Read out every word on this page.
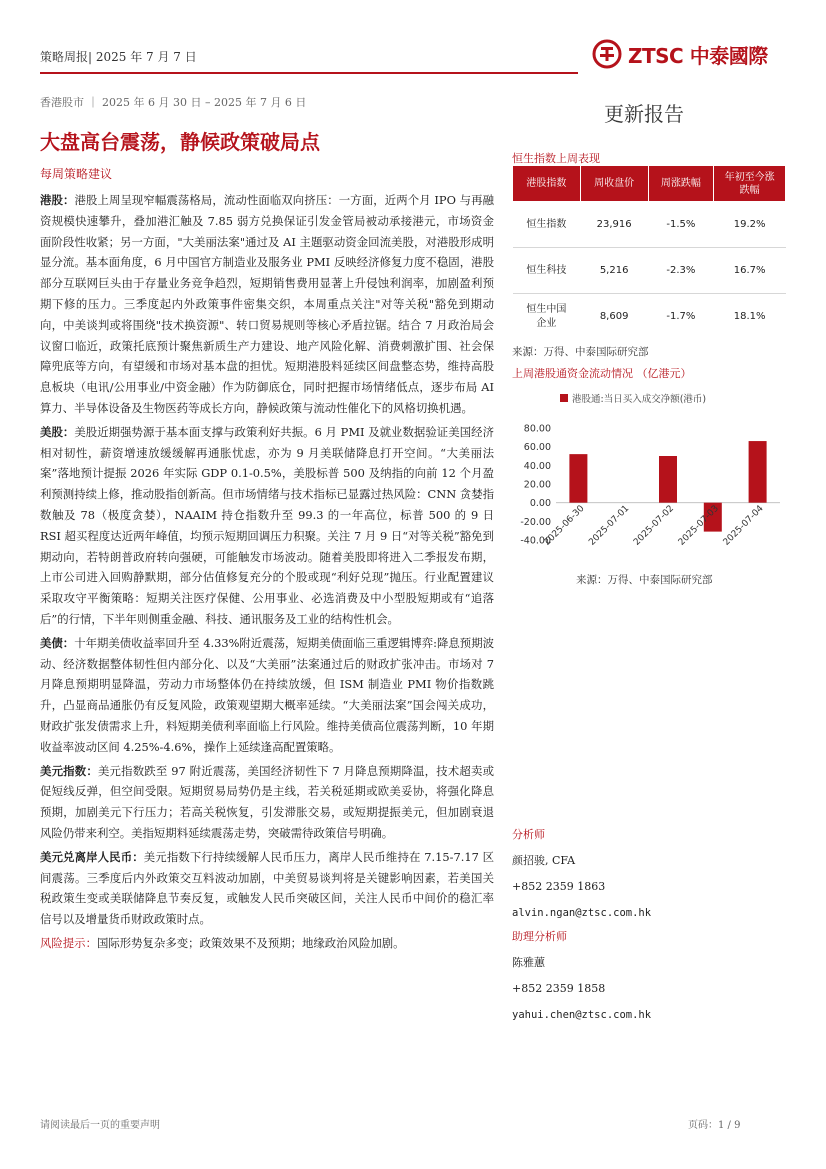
策略周报| 2025 年 7 月 7 日	ZTSC 中泰國際
香港股市 ｜ 2025 年 6 月 30 日 – 2025 年 7 月 6 日	更新报告
大盘高台震荡，静候政策破局点
每周策略建议

港股：港股上周呈现窄幅震荡格局，流动性面临双向挤压：一方面，近两个月 IPO 与再融资规模快速攀升，叠加港汇触及 7.85 弱方兑换保证引发金管局被动承接港元，市场资金面阶段性收紧；另一方面，"大美丽法案"通过及 AI 主题驱动资金回流美股，对港股形成明显分流。基本面角度，6 月中国官方制造业及服务业 PMI 反映经济修复力度不稳固，港股部分互联网巨头由于存量业务竞争趋烈，短期销售费用显著上升侵蚀利润率，加剧盈利预期下修的压力。三季度起内外政策事件密集交织，本周重点关注"对等关税"豁免到期动向，中美谈判或将围绕"技术换资源"、转口贸易规则等核心矛盾拉锯。结合 7 月政治局会议窗口临近，政策托底预计聚焦新质生产力建设、地产风险化解、消费刺激扩围、社会保障兜底等方向，有望缓和市场对基本盘的担忧。短期港股料延续区间盘整态势，维持高股息板块（电讯/公用事业/中资金融）作为防御底仓，同时把握市场情绪低点，逐步布局 AI 算力、半导体设备及生物医药等成长方向，静候政策与流动性催化下的风格切换机遇。

美股：美股近期强势源于基本面支撑与政策利好共振。6 月 PMI 及就业数据验证美国经济相对韧性，薪资增速放缓缓解再通胀忧虑，亦为 9 月美联储降息打开空间。“大美丽法案”落地预计提振 2026 年实际 GDP 0.1-0.5%，美股标普 500 及纳指的向前 12 个月盈利预测持续上修，推动股指创新高。但市场情绪与技术指标已显露过热风险：CNN 贪婪指数触及 78（极度贪婪），NAAIM 持仓指数升至 99.3 的一年高位，标普 500 的 9 日 RSI 超买程度达近两年峰值，均预示短期回调压力积聚。关注 7 月 9 日“对等关税”豁免到期动向，若特朗普政府转向强硬，可能触发市场波动。随着美股即将进入二季报发布期，上市公司进入回购静默期，部分估值修复充分的个股或现“利好兑现”抛压。行业配置建议采取攻守平衡策略：短期关注医疗保健、公用事业、必选消费及中小型股短期或有“追落后”的行情，下半年则侧重金融、科技、通讯服务及工业的结构性机会。

美债：十年期美债收益率回升至 4.33%附近震荡，短期美债面临三重逻辑博弈:降息预期波动、经济数据整体韧性但内部分化、以及“大美丽”法案通过后的财政扩张冲击。市场对 7 月降息预期明显降温，劳动力市场整体仍在持续放缓，但 ISM 制造业 PMI 物价指数跳升，凸显商品通胀仍有反复风险，政策观望期大概率延续。“大美丽法案”国会闯关成功，财政扩张发债需求上升，料短期美债利率面临上行风险。维持美债高位震荡判断，10 年期收益率波动区间 4.25%-4.6%，操作上延续逢高配置策略。

美元指数：美元指数跌至 97 附近震荡，美国经济韧性下 7 月降息预期降温，技术超卖或促短线反弹，但空间受限。短期贸易局势仍是主线，若关税延期或欧美妥协，将强化降息预期，加剧美元下行压力；若高关税恢复，引发滞胀交易，或短期提振美元，但加剧衰退风险仍带来利空。美指短期料延续震荡走势，突破需待政策信号明确。

美元兑离岸人民币：美元指数下行持续缓解人民币压力，离岸人民币维持在 7.15-7.17 区间震荡。三季度后内外政策交互料波动加剧，中美贸易谈判将是关键影响因素，若美国关税政策生变或美联储降息节奏反复，或触发人民币突破区间，关注人民币中间价的稳汇率信号以及增量货币财政政策时点。

风险提示：国际形势复杂多变；政策效果不及预期；地缘政治风险加剧。

恒生指数上周表现
港股指数	周收盘价	周涨跌幅	年初至今涨跌幅
恒生指数	23,916	-1.5%	19.2%
恒生科技	5,216	-2.3%	16.7%
恒生中国企业	8,609	-1.7%	18.1%
来源：万得、中泰国际研究部
上周港股通资金流动情况 （亿港元）
港股通:当日买入成交净额(港币)
80.00
60.00
40.00
20.00
0.00
-20.00
-40.00
2025-06-30 2025-07-01 2025-07-02 2025-07-03 2025-07-04
来源：万得、中泰国际研究部
分析师
颜招骏, CFA
+852 2359 1863
alvin.ngan@ztsc.com.hk
助理分析师
陈雅蕙
+852 2359 1858
yahui.chen@ztsc.com.hk
请阅读最后一页的重要声明	页码：1 / 9
